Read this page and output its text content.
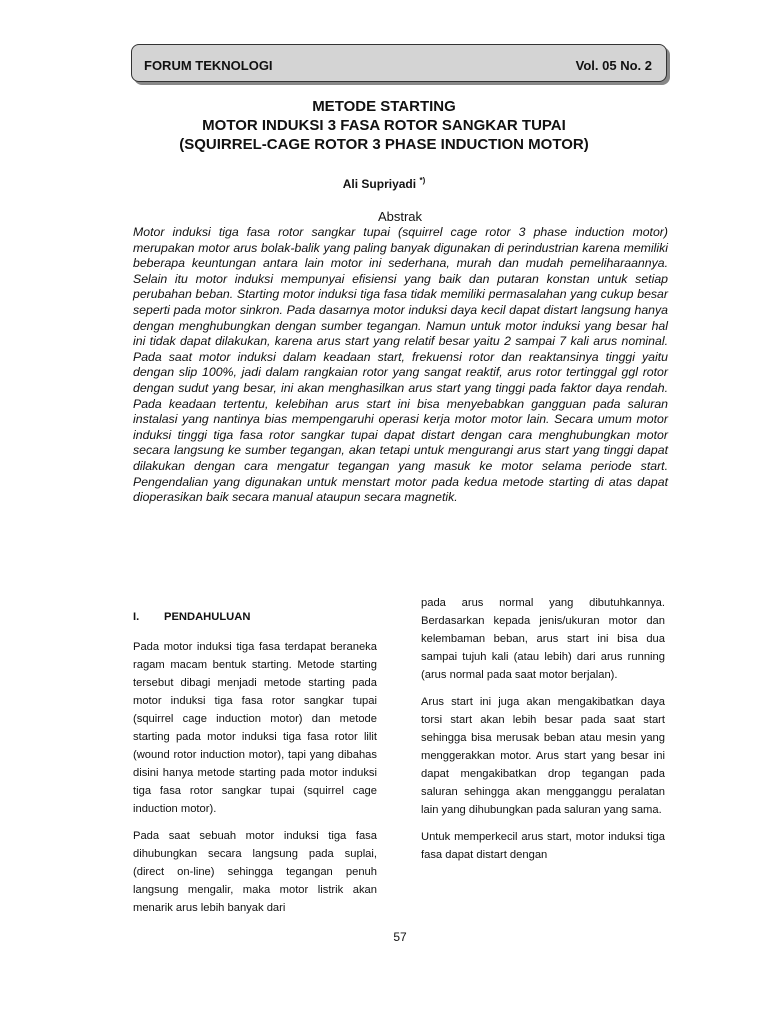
FORUM TEKNOLOGI	Vol. 05 No. 2
METODE STARTING
MOTOR INDUKSI 3 FASA ROTOR SANGKAR TUPAI
(SQUIRREL-CAGE ROTOR 3 PHASE INDUCTION MOTOR)
Ali Supriyadi *)
Abstrak

Motor induksi tiga fasa rotor sangkar tupai (squirrel cage rotor 3 phase induction motor) merupakan motor arus bolak-balik yang paling banyak digunakan di perindustrian karena memiliki beberapa keuntungan antara lain motor ini sederhana, murah dan mudah pemeliharaannya. Selain itu motor induksi mempunyai efisiensi yang baik dan putaran konstan untuk setiap perubahan beban. Starting motor induksi tiga fasa tidak memiliki permasalahan yang cukup besar seperti pada motor sinkron. Pada dasarnya motor induksi daya kecil dapat distart langsung hanya dengan menghubungkan dengan sumber tegangan. Namun untuk motor induksi yang besar hal ini tidak dapat dilakukan, karena arus start yang relatif besar yaitu 2 sampai 7 kali arus nominal. Pada saat motor induksi dalam keadaan start, frekuensi rotor dan reaktansinya tinggi yaitu dengan slip 100%, jadi dalam rangkaian rotor yang sangat reaktif, arus rotor tertinggal ggl rotor dengan sudut yang besar, ini akan menghasilkan arus start yang tinggi pada faktor daya rendah. Pada keadaan tertentu, kelebihan arus start ini bisa menyebabkan gangguan pada saluran instalasi yang nantinya bias mempengaruhi operasi kerja motor motor lain. Secara umum motor induksi tinggi tiga fasa rotor sangkar tupai dapat distart dengan cara menghubungkan motor secara langsung ke sumber tegangan, akan tetapi untuk mengurangi arus start yang tinggi dapat dilakukan dengan cara mengatur tegangan yang masuk ke motor selama periode start. Pengendalian yang digunakan untuk menstart motor pada kedua metode starting di atas dapat dioperasikan baik secara manual ataupun secara magnetik.

I. PENDAHULUAN

Pada motor induksi tiga fasa terdapat beraneka ragam macam bentuk starting. Metode starting tersebut dibagi menjadi metode starting pada motor induksi tiga fasa rotor sangkar tupai (squirrel cage induction motor) dan metode starting pada motor induksi tiga fasa rotor lilit (wound rotor induction motor), tapi yang dibahas disini hanya metode starting pada motor induksi tiga fasa rotor sangkar tupai (squirrel cage induction motor).

Pada saat sebuah motor induksi tiga fasa dihubungkan secara langsung pada suplai, (direct on-line) sehingga tegangan penuh langsung mengalir, maka motor listrik akan menarik arus lebih banyak dari

pada arus normal yang dibutuhkannya. Berdasarkan kepada jenis/ukuran motor dan kelembaman beban, arus start ini bisa dua sampai tujuh kali (atau lebih) dari arus running (arus normal pada saat motor berjalan).

Arus start ini juga akan mengakibatkan daya torsi start akan lebih besar pada saat start sehingga bisa merusak beban atau mesin yang menggerakkan motor. Arus start yang besar ini dapat mengakibatkan drop tegangan pada saluran sehingga akan mengganggu peralatan lain yang dihubungkan pada saluran yang sama.

Untuk memperkecil arus start, motor induksi tiga fasa dapat distart dengan

57
